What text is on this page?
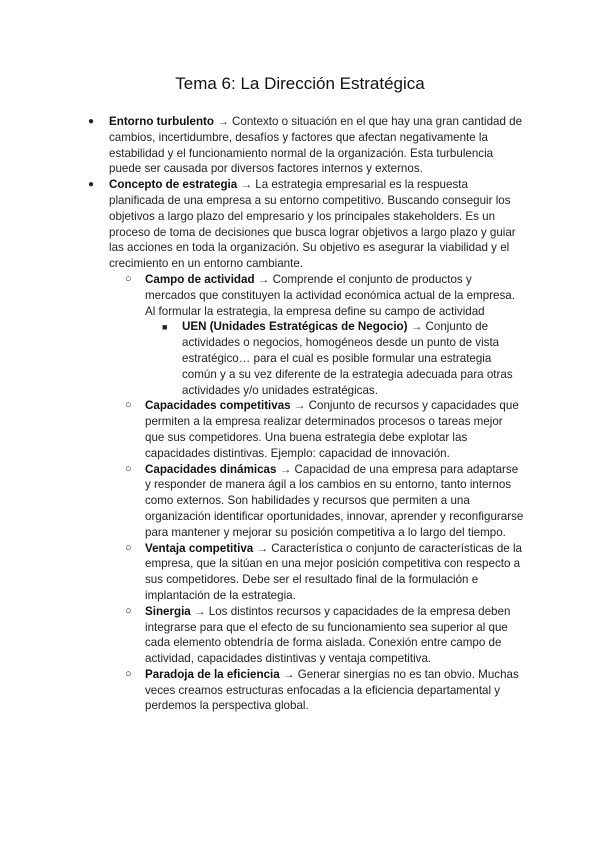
Tema 6: La Dirección Estratégica
● Entorno turbulento → Contexto o situación en el que hay una gran cantidad de cambios, incertidumbre, desafíos y factores que afectan negativamente la estabilidad y el funcionamiento normal de la organización. Esta turbulencia puede ser causada por diversos factores internos y externos.

● Concepto de estrategia → La estrategia empresarial es la respuesta planificada de una empresa a su entorno competitivo. Buscando conseguir los objetivos a largo plazo del empresario y los principales stakeholders. Es un proceso de toma de decisiones que busca lograr objetivos a largo plazo y guiar las acciones en toda la organización. Su objetivo es asegurar la viabilidad y el crecimiento en un entorno cambiante.

○ Campo de actividad → Comprende el conjunto de productos y mercados que constituyen la actividad económica actual de la empresa. Al formular la estrategia, la empresa define su campo de actividad

■ UEN (Unidades Estratégicas de Negocio) → Conjunto de actividades o negocios, homogéneos desde un punto de vista estratégico… para el cual es posible formular una estrategia común y a su vez diferente de la estrategia adecuada para otras actividades y/o unidades estratégicas.

○ Capacidades competitivas → Conjunto de recursos y capacidades que permiten a la empresa realizar determinados procesos o tareas mejor que sus competidores. Una buena estrategia debe explotar las capacidades distintivas. Ejemplo: capacidad de innovación.

○ Capacidades dinámicas → Capacidad de una empresa para adaptarse y responder de manera ágil a los cambios en su entorno, tanto internos como externos. Son habilidades y recursos que permiten a una organización identificar oportunidades, innovar, aprender y reconfigurarse para mantener y mejorar su posición competitiva a lo largo del tiempo.

○ Ventaja competitiva → Característica o conjunto de características de la empresa, que la sitúan en una mejor posición competitiva con respecto a sus competidores. Debe ser el resultado final de la formulación e implantación de la estrategia.

○ Sinergia → Los distintos recursos y capacidades de la empresa deben integrarse para que el efecto de su funcionamiento sea superior al que cada elemento obtendría de forma aislada. Conexión entre campo de actividad, capacidades distintivas y ventaja competitiva.

○ Paradoja de la eficiencia → Generar sinergias no es tan obvio. Muchas veces creamos estructuras enfocadas a la eficiencia departamental y perdemos la perspectiva global.
